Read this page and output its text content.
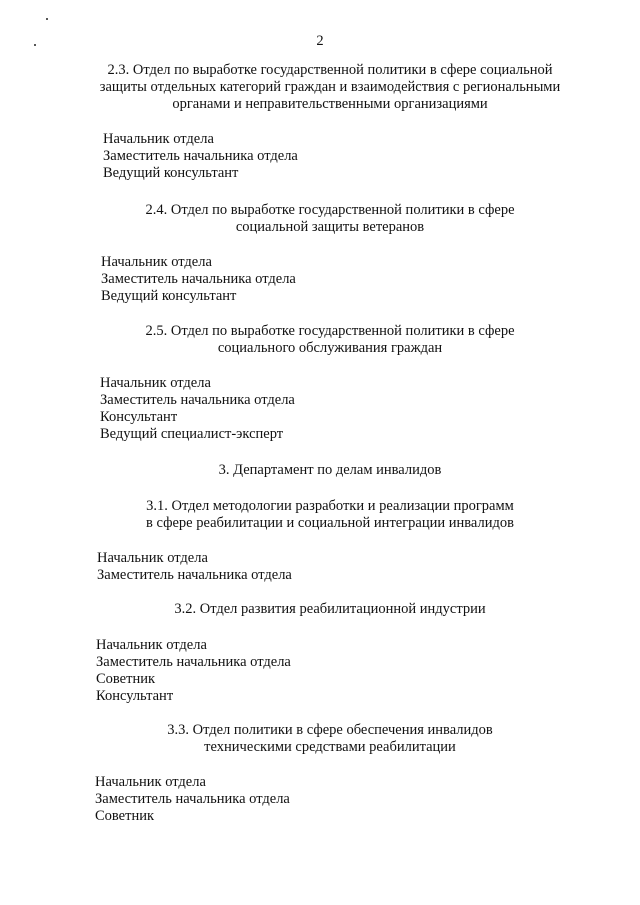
2
2.3. Отдел по выработке государственной политики в сфере социальной
защиты отдельных категорий граждан и взаимодействия с региональными
органами и неправительственными организациями
Начальник отдела
Заместитель начальника отдела
Ведущий консультант
2.4. Отдел по выработке государственной политики в сфере
социальной защиты ветеранов
Начальник отдела
Заместитель начальника отдела
Ведущий консультант
2.5. Отдел по выработке государственной политики в сфере
социального обслуживания граждан
Начальник отдела
Заместитель начальника отдела
Консультант
Ведущий специалист-эксперт
3. Департамент по делам инвалидов
3.1. Отдел методологии разработки и реализации программ
в сфере реабилитации и социальной интеграции инвалидов
Начальник отдела
Заместитель начальника отдела
3.2. Отдел развития реабилитационной индустрии
Начальник отдела
Заместитель начальника отдела
Советник
Консультант
3.3. Отдел политики в сфере обеспечения инвалидов
техническими средствами реабилитации
Начальник отдела
Заместитель начальника отдела
Советник
